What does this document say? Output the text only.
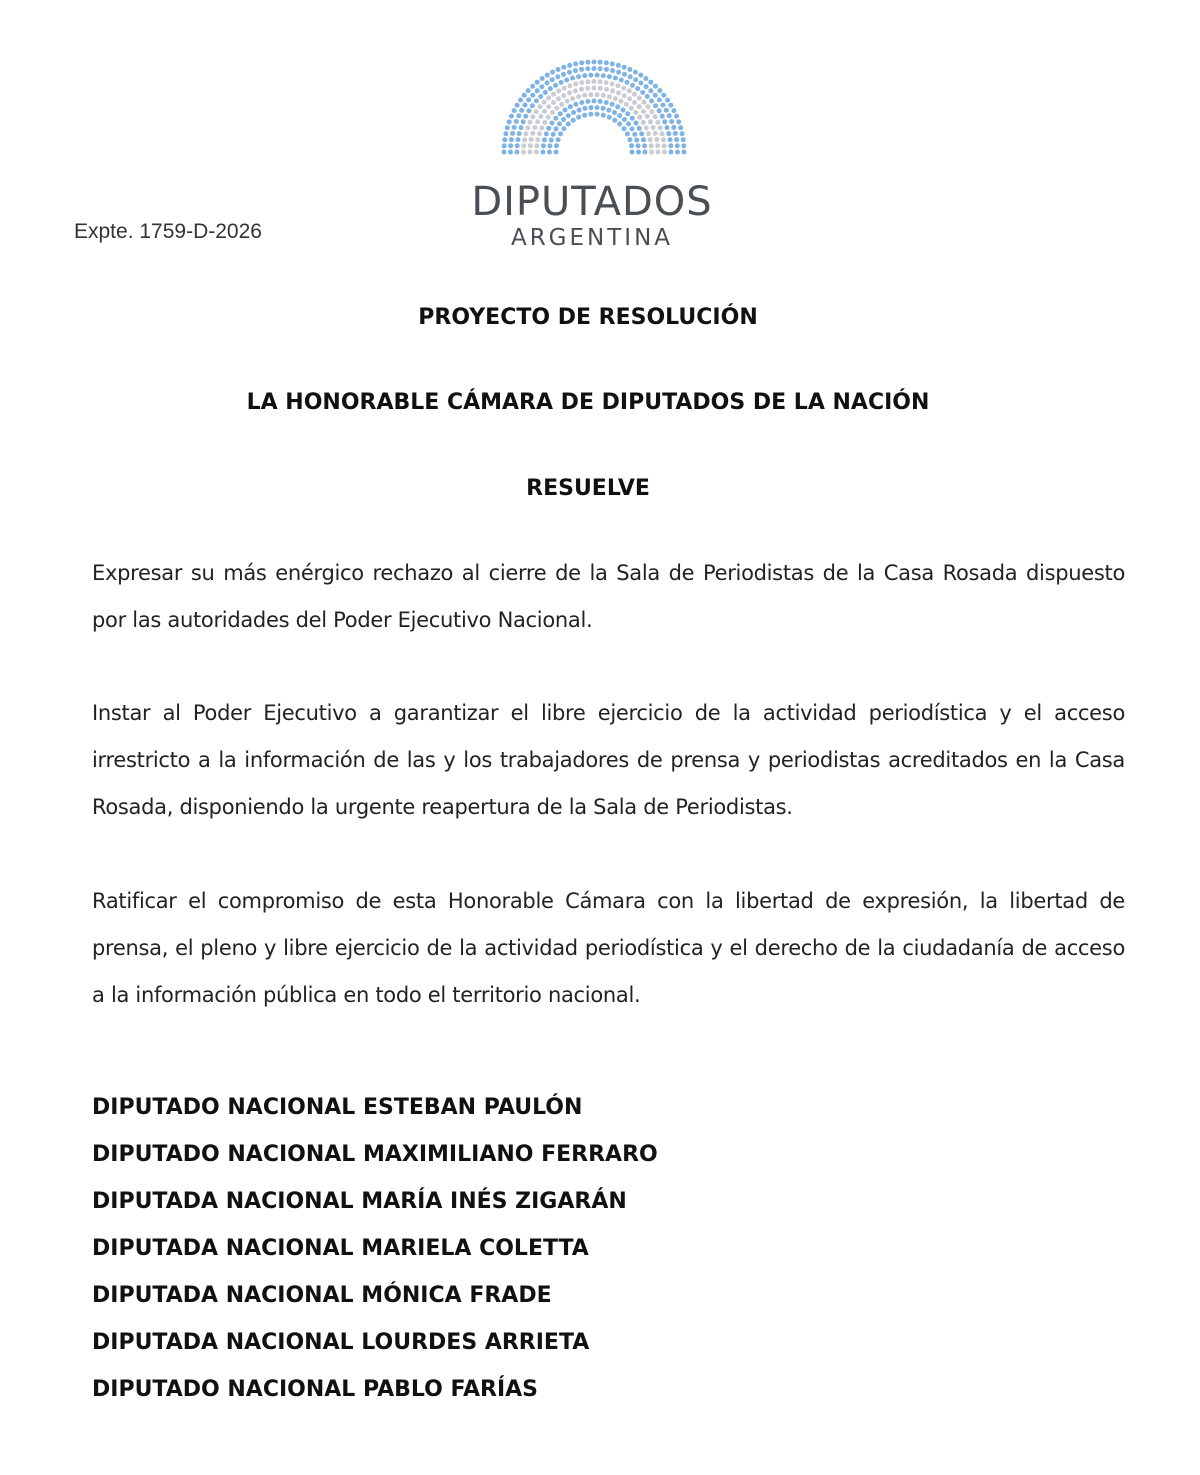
DIPUTADOS
ARGENTINA
Expte. 1759-D-2026
PROYECTO DE RESOLUCIÓN
LA HONORABLE CÁMARA DE DIPUTADOS DE LA NACIÓN
RESUELVE

Expresar su más enérgico rechazo al cierre de la Sala de Periodistas de la Casa Rosada dispuesto por las autoridades del Poder Ejecutivo Nacional.

Instar al Poder Ejecutivo a garantizar el libre ejercicio de la actividad periodística y el acceso irrestricto a la información de las y los trabajadores de prensa y periodistas acreditados en la Casa Rosada, disponiendo la urgente reapertura de la Sala de Periodistas.

Ratificar el compromiso de esta Honorable Cámara con la libertad de expresión, la libertad de prensa, el pleno y libre ejercicio de la actividad periodística y el derecho de la ciudadanía de acceso a la información pública en todo el territorio nacional.

DIPUTADO NACIONAL ESTEBAN PAULÓN
DIPUTADO NACIONAL MAXIMILIANO FERRARO
DIPUTADA NACIONAL MARÍA INÉS ZIGARÁN
DIPUTADA NACIONAL MARIELA COLETTA
DIPUTADA NACIONAL MÓNICA FRADE
DIPUTADA NACIONAL LOURDES ARRIETA
DIPUTADO NACIONAL PABLO FARÍAS
